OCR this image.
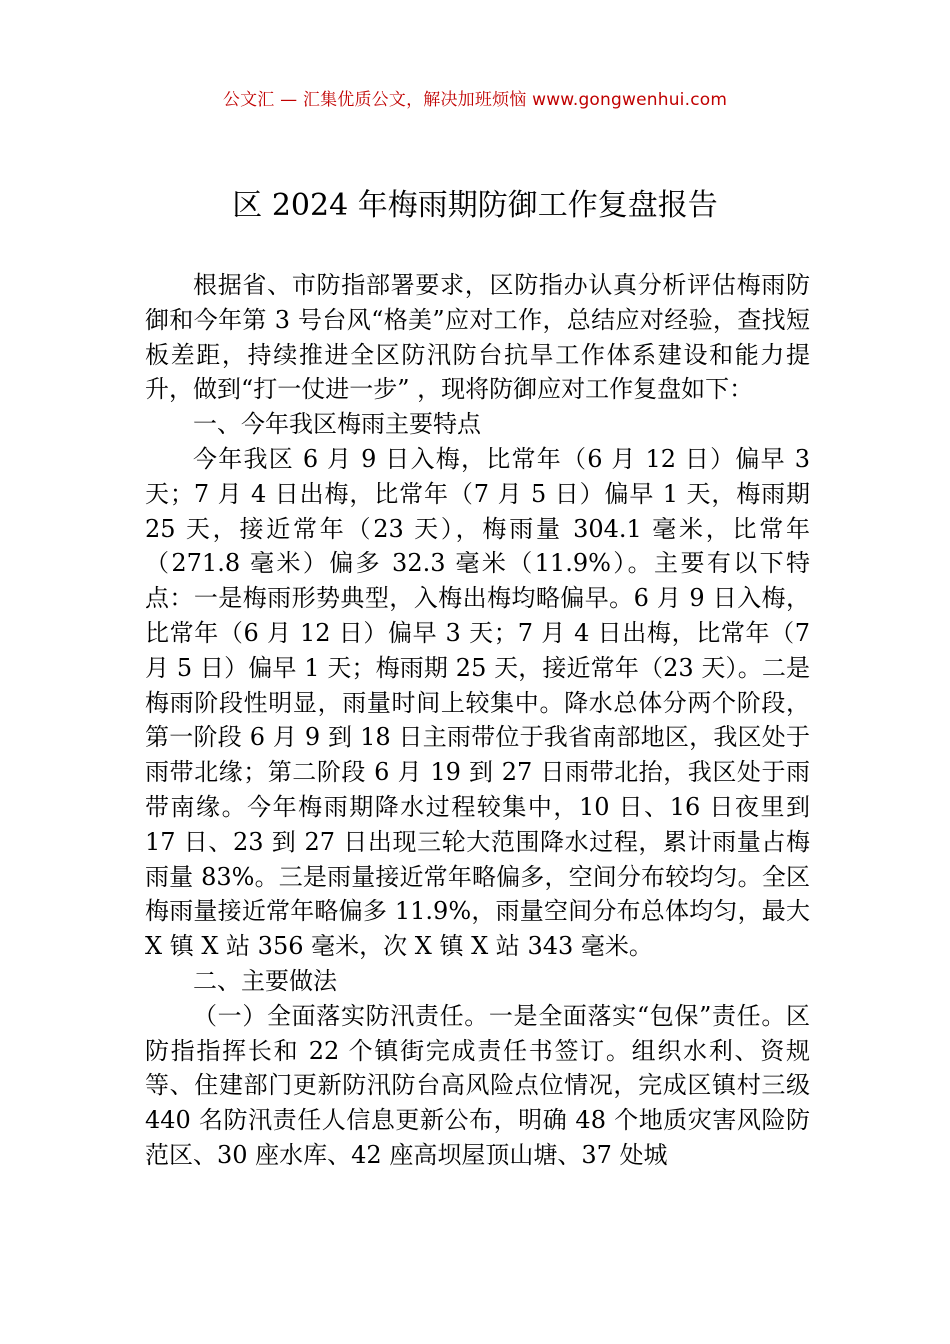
公文汇 — 汇集优质公文，解决加班烦恼 www.gongwenhui.com
区 2024 年梅雨期防御工作复盘报告

根据省、市防指部署要求，区防指办认真分析评估梅雨防御和今年第 3 号台风“格美”应对工作，总结应对经验，查找短板差距，持续推进全区防汛防台抗旱工作体系建设和能力提升，做到“打一仗进一步” ，现将防御应对工作复盘如下：

一、今年我区梅雨主要特点

今年我区 6 月 9 日入梅，比常年（6 月 12 日）偏早 3 天；7 月 4 日出梅，比常年（7 月 5 日）偏早 1 天，梅雨期 25 天，接近常年（23 天），梅雨量 304.1 毫米，比常年（271.8 毫米）偏多 32.3 毫米（11.9%）。主要有以下特点：一是梅雨形势典型，入梅出梅均略偏早。6 月 9 日入梅，比常年（6 月 12 日）偏早 3 天；7 月 4 日出梅，比常年（7 月 5 日）偏早 1 天；梅雨期 25 天，接近常年（23 天）。二是梅雨阶段性明显，雨量时间上较集中。降水总体分两个阶段，第一阶段 6 月 9 到 18 日主雨带位于我省南部地区，我区处于雨带北缘；第二阶段 6 月 19 到 27 日雨带北抬，我区处于雨带南缘。今年梅雨期降水过程较集中，10 日、16 日夜里到 17 日、23 到 27 日出现三轮大范围降水过程，累计雨量占梅雨量 83%。三是雨量接近常年略偏多，空间分布较均匀。全区梅雨量接近常年略偏多 11.9%，雨量空间分布总体均匀，最大 X 镇 X 站 356 毫米，次 X 镇 X 站 343 毫米。

二、主要做法

（一）全面落实防汛责任。一是全面落实“包保”责任。区防指指挥长和 22 个镇街完成责任书签订。组织水利、资规等、住建部门更新防汛防台高风险点位情况，完成区镇村三级 440 名防汛责任人信息更新公布，明确 48 个地质灾害风险防范区、30 座水库、42 座高坝屋顶山塘、37 处城
